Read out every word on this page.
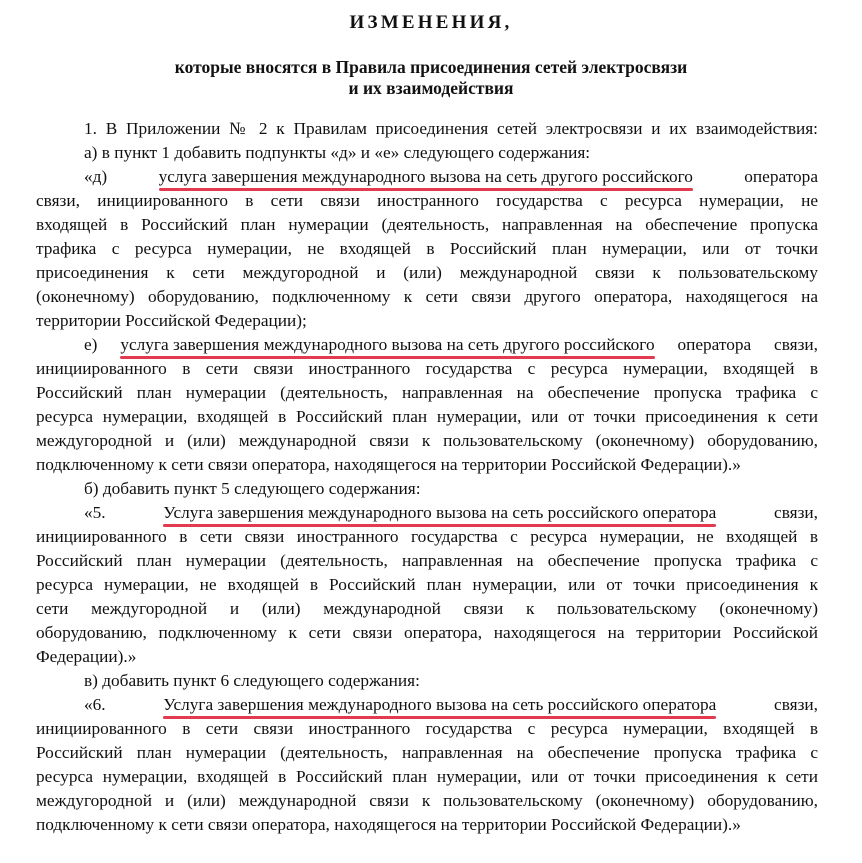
ИЗМЕНЕНИЯ,
которые вносятся в Правила присоединения сетей электросвязи
и их взаимодействия
1. В Приложении № 2 к Правилам присоединения сетей электросвязи и их взаимодействия:
а) в пункт 1 добавить подпункты «д» и «е» следующего содержания:
«д) услуга завершения международного вызова на сеть другого российского оператора
связи, инициированного в сети связи иностранного государства с ресурса нумерации, не
входящей в Российский план нумерации (деятельность, направленная на обеспечение пропуска
трафика с ресурса нумерации, не входящей в Российский план нумерации, или от точки
присоединения к сети междугородной и (или) международной связи к пользовательскому
(оконечному) оборудованию, подключенному к сети связи другого оператора, находящегося на
территории Российской Федерации);
е) услуга завершения международного вызова на сеть другого российского оператора связи,
инициированного в сети связи иностранного государства с ресурса нумерации, входящей в
Российский план нумерации (деятельность, направленная на обеспечение пропуска трафика с
ресурса нумерации, входящей в Российский план нумерации, или от точки присоединения к сети
междугородной и (или) международной связи к пользовательскому (оконечному) оборудованию,
подключенному к сети связи оператора, находящегося на территории Российской Федерации).»
б) добавить пункт 5 следующего содержания:
«5. Услуга завершения международного вызова на сеть российского оператора связи,
инициированного в сети связи иностранного государства с ресурса нумерации, не входящей в
Российский план нумерации (деятельность, направленная на обеспечение пропуска трафика с
ресурса нумерации, не входящей в Российский план нумерации, или от точки присоединения к
сети междугородной и (или) международной связи к пользовательскому (оконечному)
оборудованию, подключенному к сети связи оператора, находящегося на территории Российской
Федерации).»
в) добавить пункт 6 следующего содержания:
«6. Услуга завершения международного вызова на сеть российского оператора связи,
инициированного в сети связи иностранного государства с ресурса нумерации, входящей в
Российский план нумерации (деятельность, направленная на обеспечение пропуска трафика с
ресурса нумерации, входящей в Российский план нумерации, или от точки присоединения к сети
междугородной и (или) международной связи к пользовательскому (оконечному) оборудованию,
подключенному к сети связи оператора, находящегося на территории Российской Федерации).»
